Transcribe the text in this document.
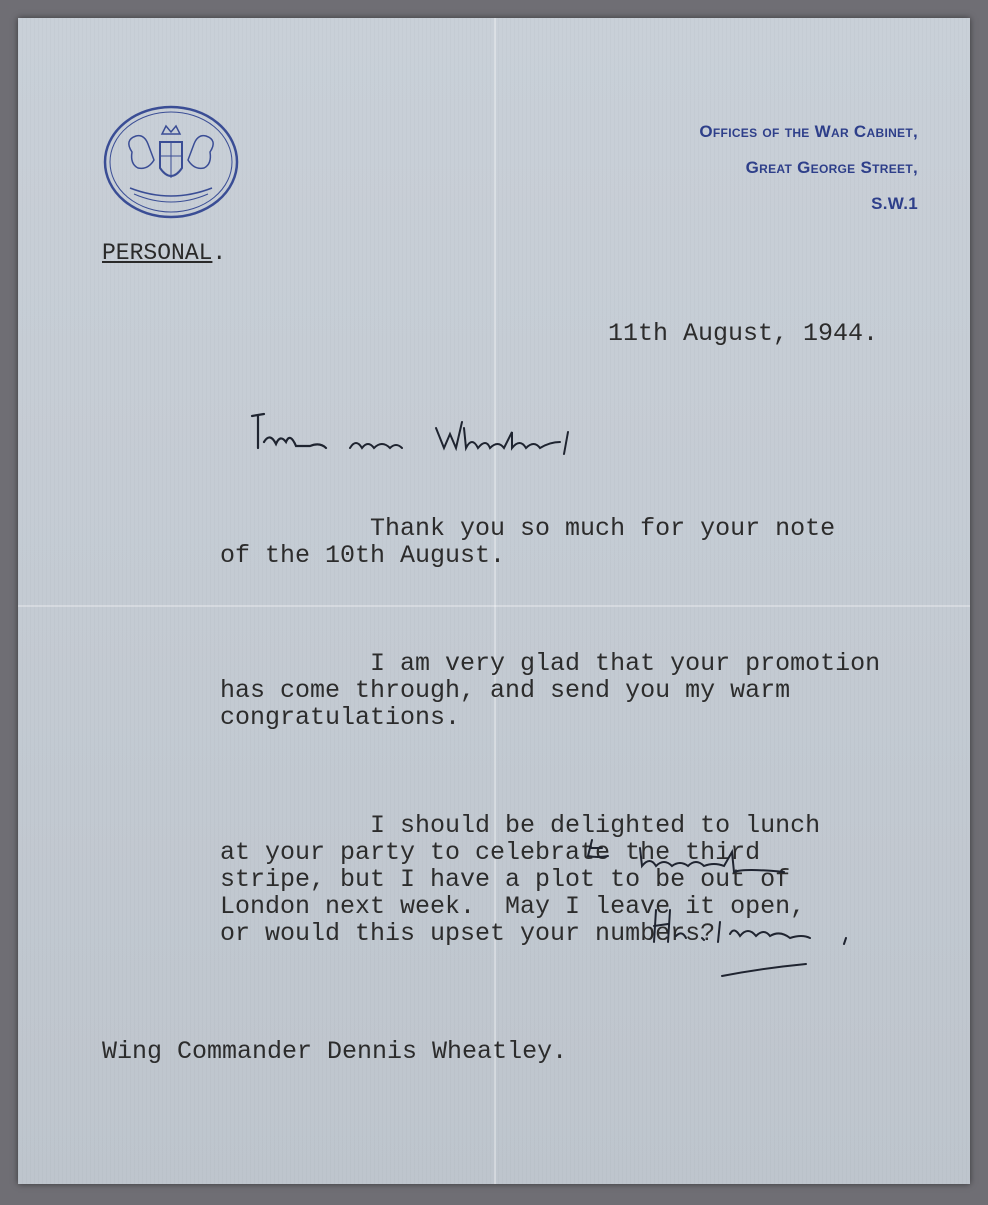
Offices of the War Cabinet,
Great George Street,
S.W.1
PERSONAL.
11th August, 1944.

Thank you so much for your note
of the 10th August.

I am very glad that your promotion
has come through, and send you my warm
congratulations.

I should be delighted to lunch
at your party to celebrate the third
stripe, but I have a plot to be out of
London next week.  May I leave it open,
or would this upset your numbers?

Wing Commander Dennis Wheatley.
